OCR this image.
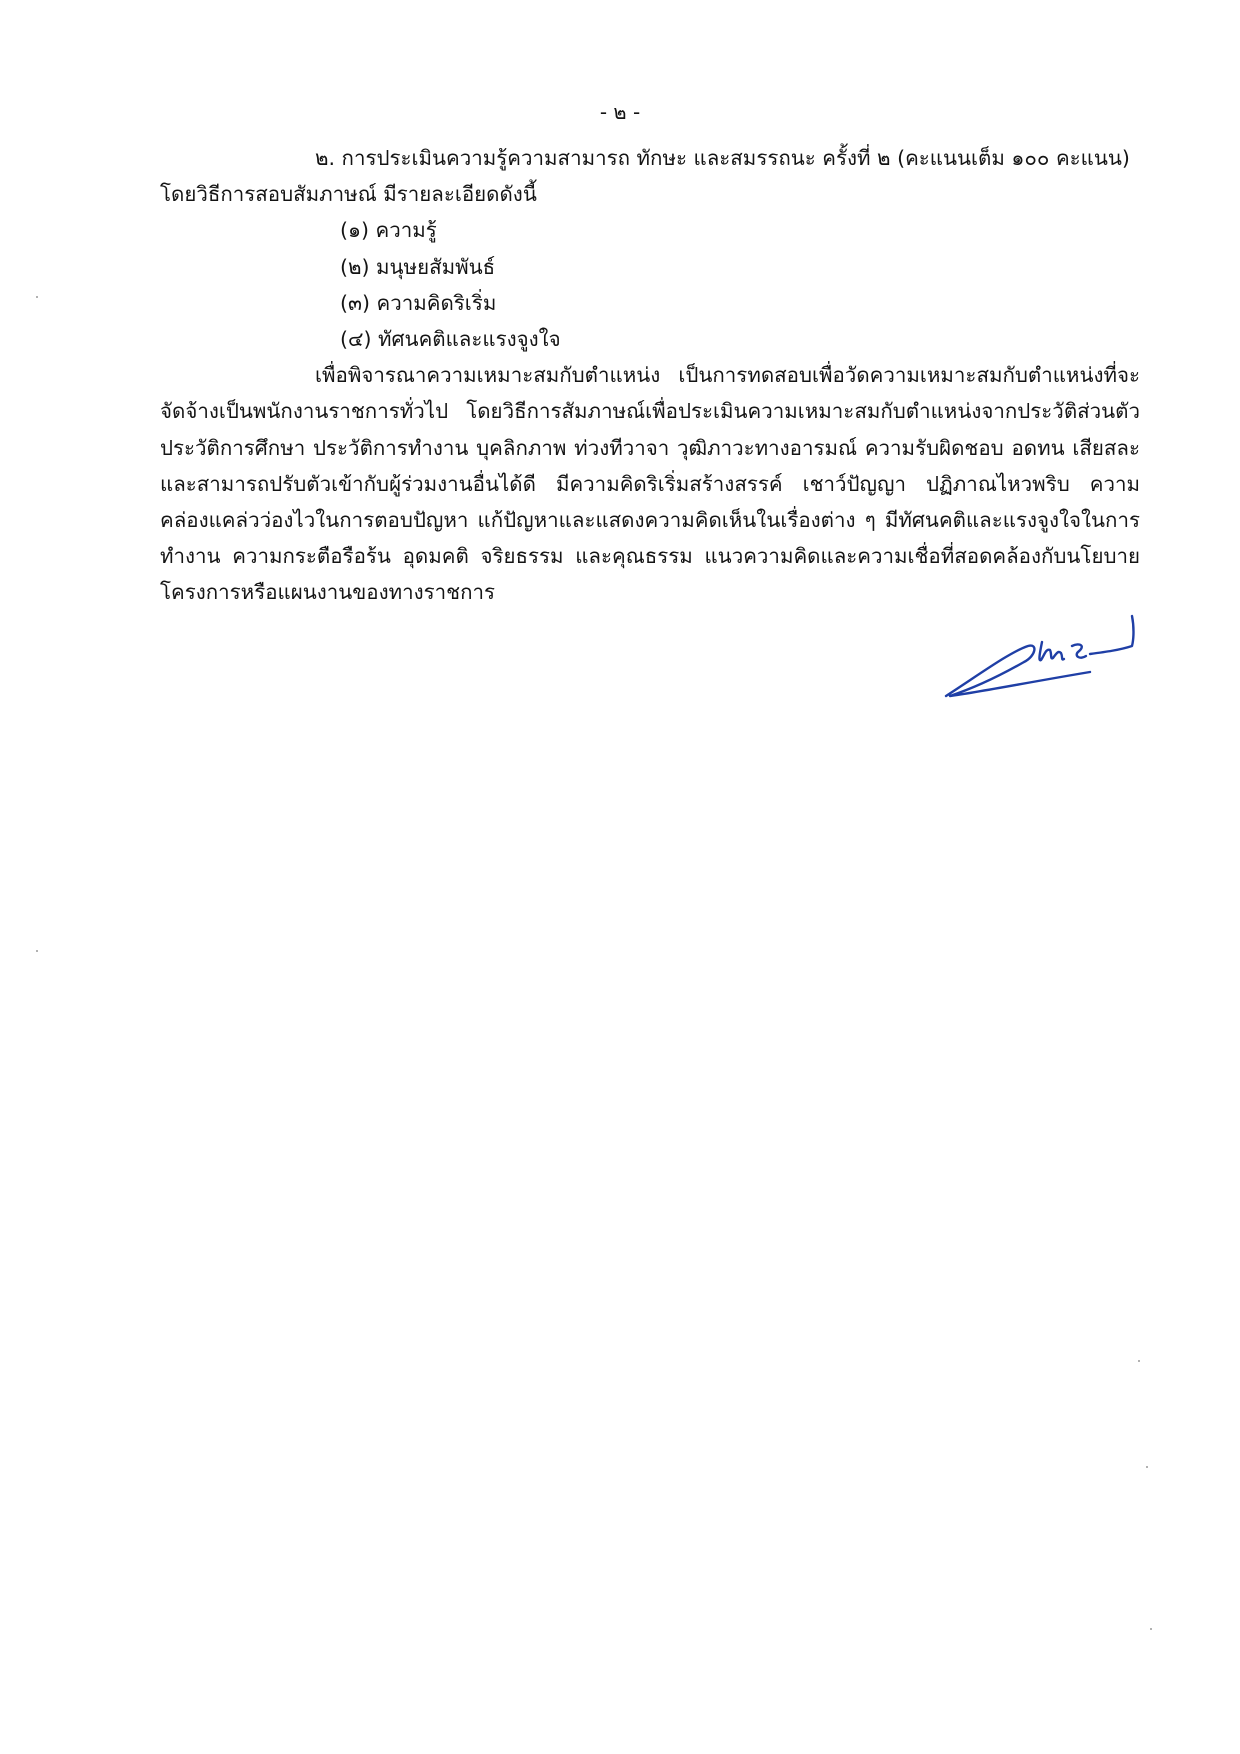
- ๒ -

๒. การประเมินความรู้ความสามารถ ทักษะ และสมรรถนะ ครั้งที่ ๒ (คะแนนเต็ม ๑๐๐ คะแนน)

โดยวิธีการสอบสัมภาษณ์ มีรายละเอียดดังนี้

(๑) ความรู้
(๒) มนุษยสัมพันธ์
(๓) ความคิดริเริ่ม
(๔) ทัศนคติและแรงจูงใจ

เพื่อพิจารณาความเหมาะสมกับตำแหน่ง เป็นการทดสอบเพื่อวัดความเหมาะสมกับตำแหน่งที่จะจัดจ้างเป็นพนักงานราชการทั่วไป โดยวิธีการสัมภาษณ์เพื่อประเมินความเหมาะสมกับตำแหน่งจากประวัติส่วนตัว ประวัติการศึกษา ประวัติการทำงาน บุคลิกภาพ ท่วงทีวาจา วุฒิภาวะทางอารมณ์ ความรับผิดชอบ อดทน เสียสละ และสามารถปรับตัวเข้ากับผู้ร่วมงานอื่นได้ดี มีความคิดริเริ่มสร้างสรรค์ เชาว์ปัญญา ปฏิภาณไหวพริบ ความคล่องแคล่วว่องไวในการตอบปัญหา แก้ปัญหาและแสดงความคิดเห็นในเรื่องต่าง ๆ มีทัศนคติและแรงจูงใจในการทำงาน ความกระตือรือร้น อุดมคติ จริยธรรม และคุณธรรม แนวความคิดและความเชื่อที่สอดคล้องกับนโยบาย โครงการหรือแผนงานของทางราชการ
